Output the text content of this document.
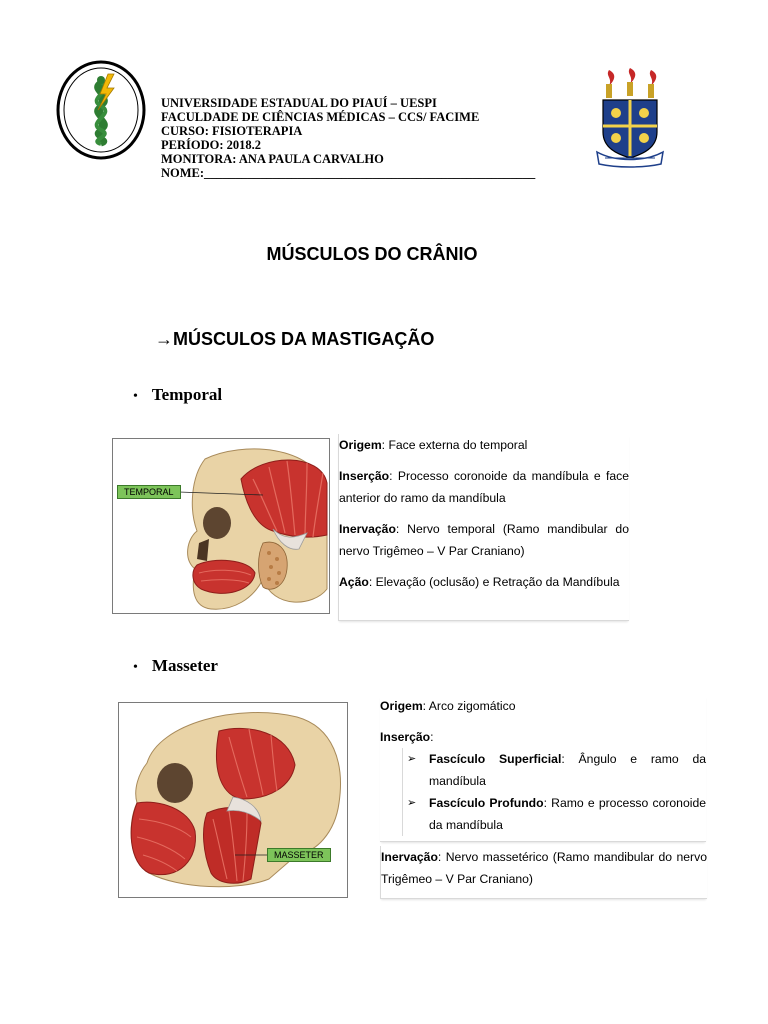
UNIVERSIDADE ESTADUAL DO PIAUÍ – UESPI
FACULDADE DE CIÊNCIAS MÉDICAS – CCS/ FACIME
CURSO: FISIOTERAPIA
PERÍODO: 2018.2
MONITORA: ANA PAULA CARVALHO
NOME:_____________________________________________________
MÚSCULOS DO CRÂNIO
→MÚSCULOS DA MASTIGAÇÃO
• Temporal
TEMPORAL

Origem: Face externa do temporal

Inserção: Processo coronoide da mandíbula e face anterior do ramo da mandíbula

Inervação: Nervo temporal (Ramo mandibular do nervo Trigêmeo – V Par Craniano)

Ação: Elevação (oclusão) e Retração da Mandíbula

• Masseter
MASSETER

Origem: Arco zigomático

Inserção:

➢ Fascículo Superficial: Ângulo e ramo da mandíbula
➢ Fascículo Profundo: Ramo e processo coronoide da mandíbula

Inervação: Nervo massetérico (Ramo mandibular do nervo Trigêmeo – V Par Craniano)
